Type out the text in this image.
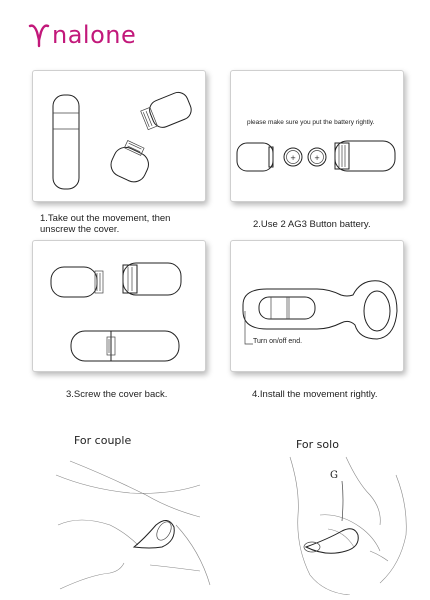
nalone
1.Take out the movement, then
unscrew the cover.
please make sure you put the battery rightly.
+	+
2.Use 2 AG3 Button battery.
3.Screw the cover back.
Turn on/off end.
4.Install the movement rightly.
For couple	For solo
G
